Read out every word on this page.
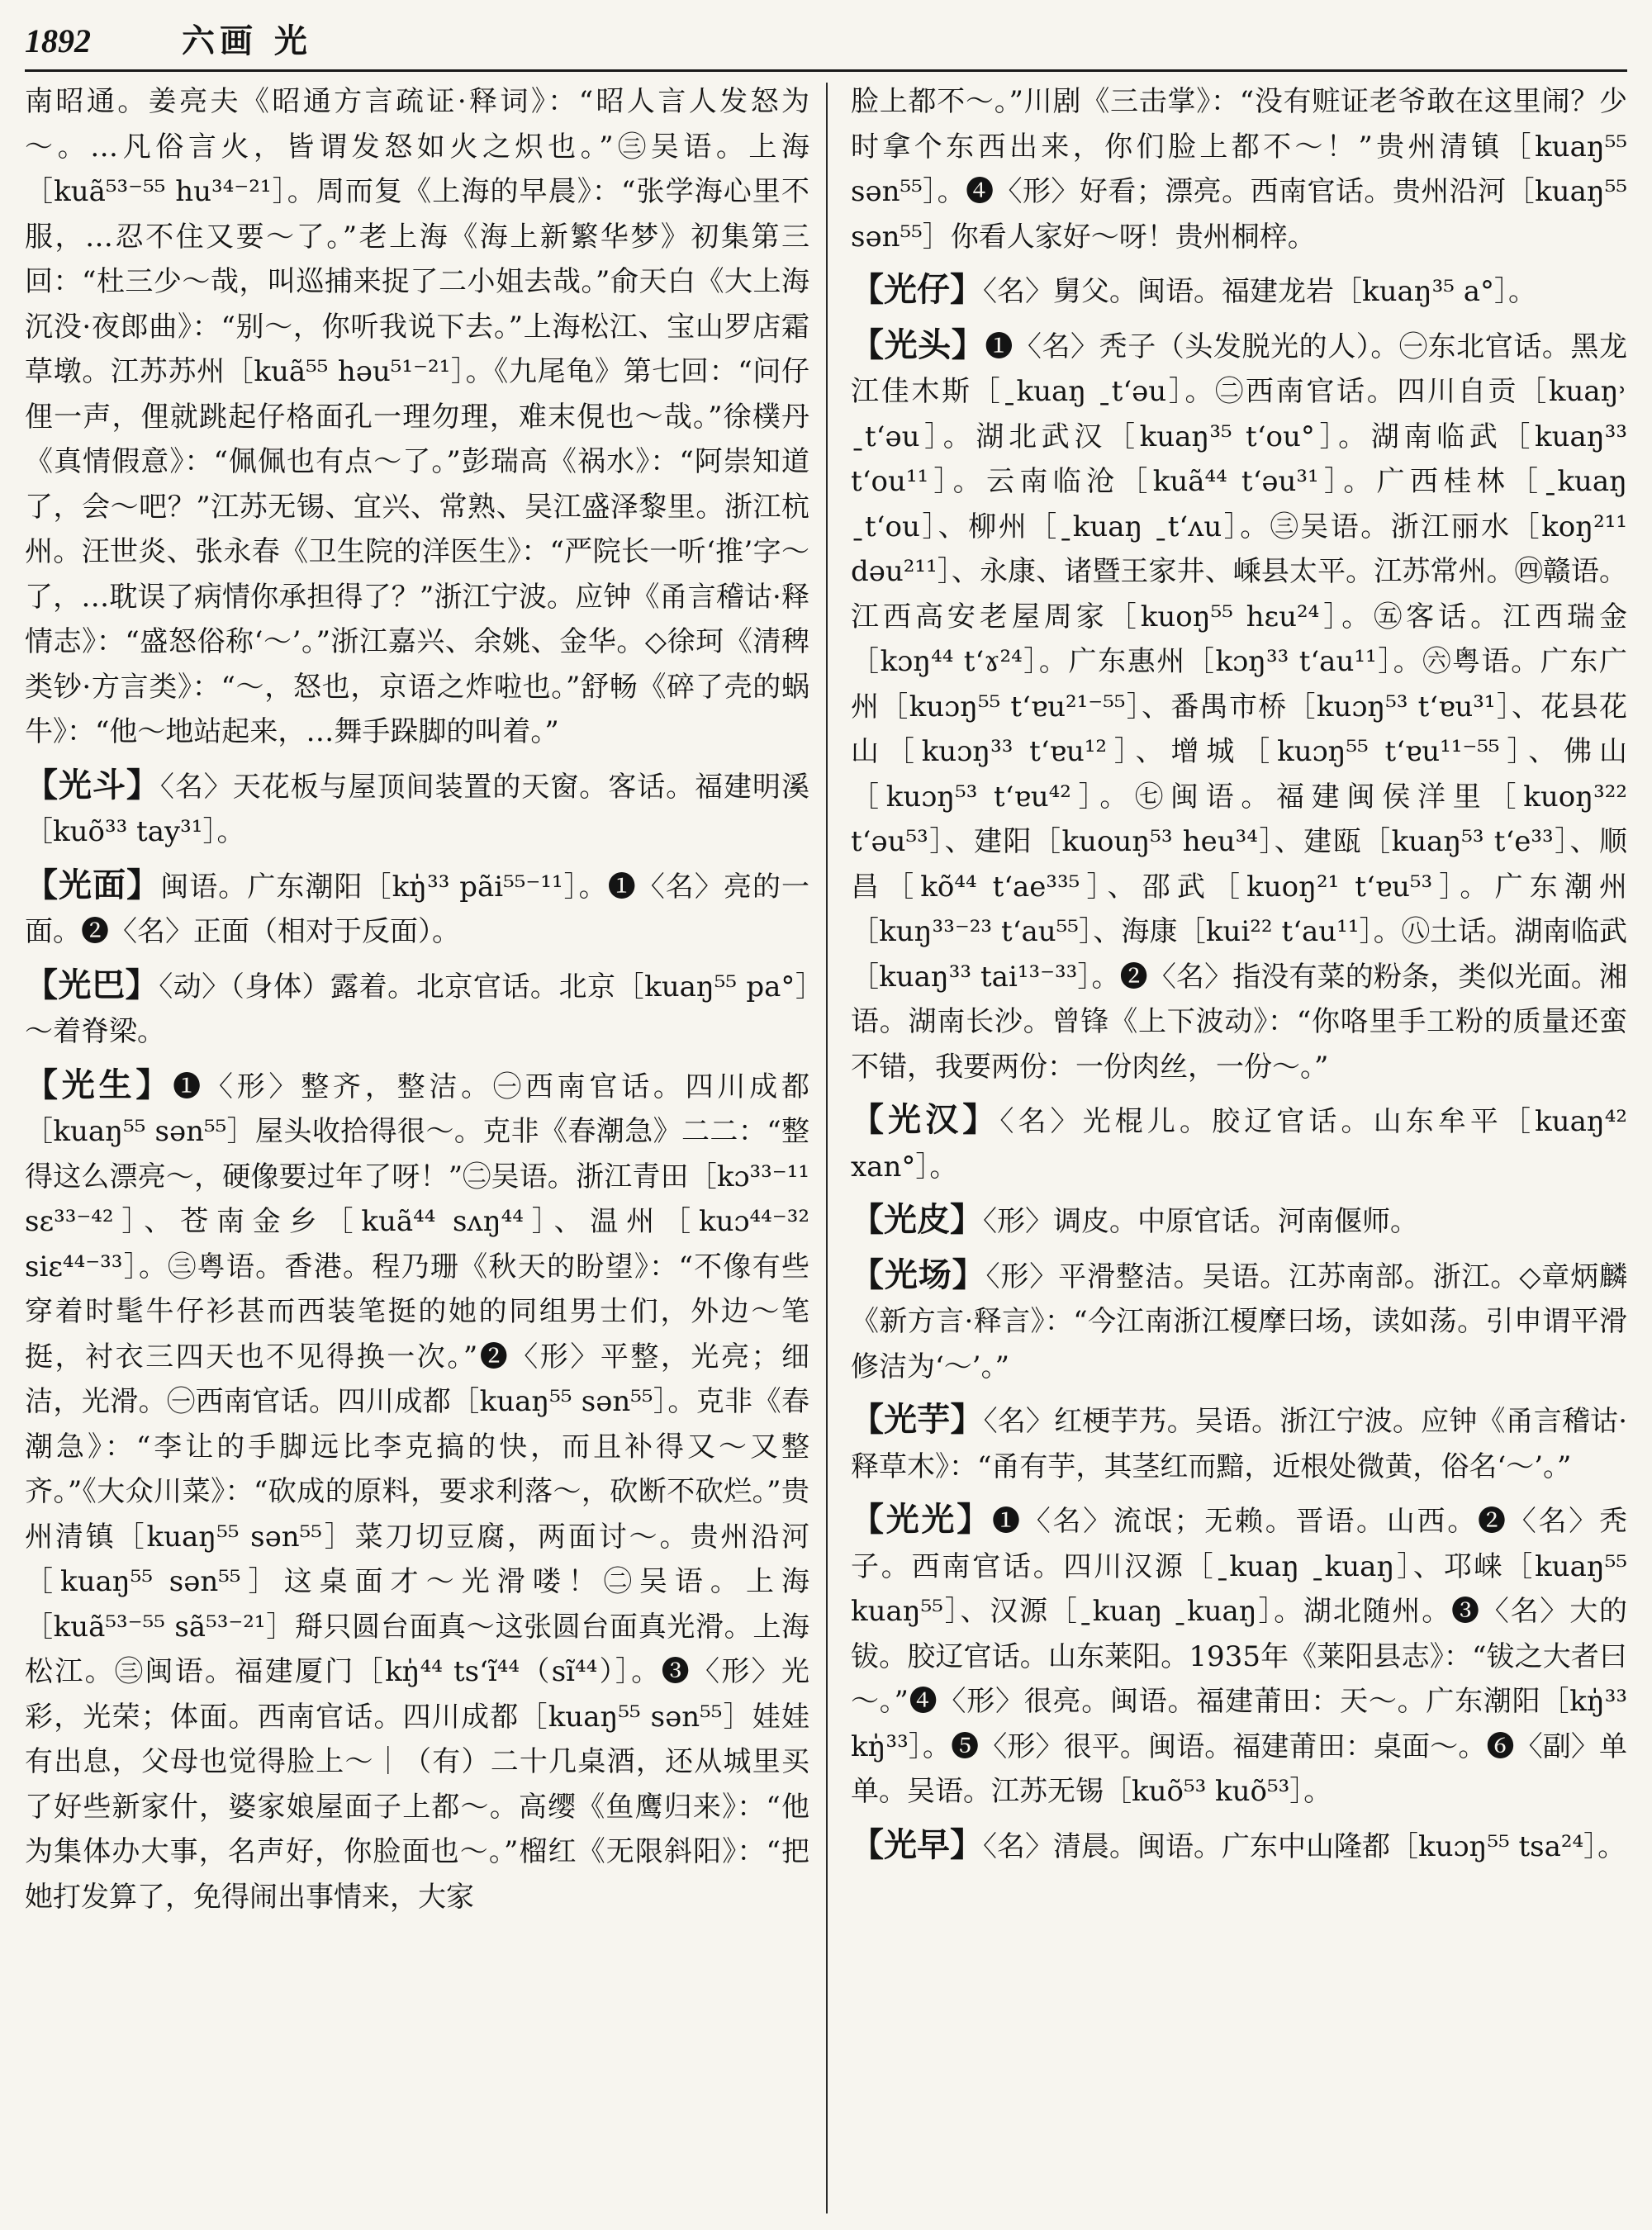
1892	六画 光

南昭通。姜亮夫《昭通方言疏证·释词》：“昭人言人发怒为～。…凡俗言火，皆谓发怒如火之炽也。”㊂吴语。上海［kuã⁵³⁻⁵⁵ hu³⁴⁻²¹］。周而复《上海的早晨》：“张学海心里不服，…忍不住又要～了。”老上海《海上新繁华梦》初集第三回：“杜三少～哉，叫巡捕来捉了二小姐去哉。”俞天白《大上海沉没·夜郎曲》：“别～，你听我说下去。”上海松江、宝山罗店霜草墩。江苏苏州［kuã⁵⁵ həu⁵¹⁻²¹］。《九尾龟》第七回：“问仔俚一声，俚就跳起仔格面孔一理勿理，难末俔也～哉。”徐樸丹《真情假意》：“佩佩也有点～了。”彭瑞高《祸水》：“阿崇知道了，会～吧？”江苏无锡、宜兴、常熟、吴江盛泽黎里。浙江杭州。汪世炎、张永春《卫生院的洋医生》：“严院长一听‘推’字～了，…耽误了病情你承担得了？”浙江宁波。应钟《甬言稽诂·释情志》：“盛怒俗称‘～’。”浙江嘉兴、余姚、金华。◇徐珂《清稗类钞·方言类》：“～，怒也，京语之炸啦也。”舒畅《碎了壳的蜗牛》：“他～地站起来，…舞手跺脚的叫着。”

【光斗】〈名〉天花板与屋顶间装置的天窗。客话。福建明溪［kuõ³³ tay³¹］。

【光面】闽语。广东潮阳［kŋ̍³³ pãi⁵⁵⁻¹¹］。❶〈名〉亮的一面。❷〈名〉正面（相对于反面）。

【光巴】〈动〉（身体）露着。北京官话。北京［kuaŋ⁵⁵ pa°］～着脊梁。

【光生】❶〈形〉整齐，整洁。㊀西南官话。四川成都［kuaŋ⁵⁵ sən⁵⁵］屋头收拾得很～。克非《春潮急》二二：“整得这么漂亮～，硬像要过年了呀！”㊁吴语。浙江青田［kɔ³³⁻¹¹ sɛ³³⁻⁴²］、苍南金乡［kuã⁴⁴ sʌŋ⁴⁴］、温州［kuɔ⁴⁴⁻³² siɛ⁴⁴⁻³³］。㊂粤语。香港。程乃珊《秋天的盼望》：“不像有些穿着时髦牛仔衫甚而西装笔挺的她的同组男士们，外边～笔挺，衬衣三四天也不见得换一次。”❷〈形〉平整，光亮；细洁，光滑。㊀西南官话。四川成都［kuaŋ⁵⁵ sən⁵⁵］。克非《春潮急》：“李让的手脚远比李克搞的快，而且补得又～又整齐。”《大众川菜》：“砍成的原料，要求利落～，砍断不砍烂。”贵州清镇［kuaŋ⁵⁵ sən⁵⁵］菜刀切豆腐，两面讨～。贵州沿河［kuaŋ⁵⁵ sən⁵⁵］这桌面才～光滑喽！㊁吴语。上海［kuã⁵³⁻⁵⁵ sã⁵³⁻²¹］搿只圆台面真～这张圆台面真光滑。上海松江。㊂闽语。福建厦门［kŋ̍⁴⁴ tsʻĩ⁴⁴（sĩ⁴⁴）］。❸〈形〉光彩，光荣；体面。西南官话。四川成都［kuaŋ⁵⁵ sən⁵⁵］娃娃有出息，父母也觉得脸上～｜（有）二十几桌酒，还从城里买了好些新家什，婆家娘屋面子上都～。高缨《鱼鹰归来》：“他为集体办大事，名声好，你脸面也～。”榴红《无限斜阳》：“把她打发算了，免得闹出事情来，大家

脸上都不～。”川剧《三击掌》：“没有赃证老爷敢在这里闹？少时拿个东西出来，你们脸上都不～！”贵州清镇［kuaŋ⁵⁵ sən⁵⁵］。❹〈形〉好看；漂亮。西南官话。贵州沿河［kuaŋ⁵⁵ sən⁵⁵］你看人家好～呀！贵州桐梓。

【光仔】〈名〉舅父。闽语。福建龙岩［kuaŋ³⁵ a°］。

【光头】❶〈名〉秃子（头发脱光的人）。㊀东北官话。黑龙江佳木斯［ˍkuaŋ ˍtʻəu］。㊁西南官话。四川自贡［kuaŋ˒ ˍtʻəu］。湖北武汉［kuaŋ³⁵ tʻou°］。湖南临武［kuaŋ³³ tʻou¹¹］。云南临沧［kuã⁴⁴ tʻəu³¹］。广西桂林［ˍkuaŋ ˍtʻou］、柳州［ˍkuaŋ ˍtʻʌu］。㊂吴语。浙江丽水［koŋ²¹¹ dəu²¹¹］、永康、诸暨王家井、嵊县太平。江苏常州。㊃赣语。江西高安老屋周家［kuoŋ⁵⁵ hɛu²⁴］。㊄客话。江西瑞金［kɔŋ⁴⁴ tʻɤ²⁴］。广东惠州［kɔŋ³³ tʻau¹¹］。㊅粤语。广东广州［kuɔŋ⁵⁵ tʻɐu²¹⁻⁵⁵］、番禺市桥［kuɔŋ⁵³ tʻɐu³¹］、花县花山［kuɔŋ³³ tʻɐu¹²］、增城［kuɔŋ⁵⁵ tʻɐu¹¹⁻⁵⁵］、佛山［kuɔŋ⁵³ tʻɐu⁴²］。㊆闽语。福建闽侯洋里［kuoŋ³²² tʻəu⁵³］、建阳［kuouŋ⁵³ heu³⁴］、建瓯［kuaŋ⁵³ tʻe³³］、顺昌［kõ⁴⁴ tʻae³³⁵］、邵武［kuoŋ²¹ tʻɐu⁵³］。广东潮州［kuŋ³³⁻²³ tʻau⁵⁵］、海康［kui²² tʻau¹¹］。㊇土话。湖南临武［kuaŋ³³ tai¹³⁻³³］。❷〈名〉指没有菜的粉条，类似光面。湘语。湖南长沙。曾锋《上下波动》：“你咯里手工粉的质量还蛮不错，我要两份：一份肉丝，一份～。”

【光汉】〈名〉光棍儿。胶辽官话。山东牟平［kuaŋ⁴² xan°］。

【光皮】〈形〉调皮。中原官话。河南偃师。

【光场】〈形〉平滑整洁。吴语。江苏南部。浙江。◇章炳麟《新方言·释言》：“今江南浙江榎摩曰场，读如荡。引申谓平滑修洁为‘～’。”

【光芋】〈名〉红梗芋艿。吴语。浙江宁波。应钟《甬言稽诂·释草木》：“甬有芋，其茎红而黯，近根处微黄，俗名‘～’。”

【光光】❶〈名〉流氓；无赖。晋语。山西。❷〈名〉秃子。西南官话。四川汉源［ˍkuaŋ ˍkuaŋ］、邛崃［kuaŋ⁵⁵ kuaŋ⁵⁵］、汉源［ˍkuaŋ ˍkuaŋ］。湖北随州。❸〈名〉大的钹。胶辽官话。山东莱阳。1935年《莱阳县志》：“钹之大者曰～。”❹〈形〉很亮。闽语。福建莆田：天～。广东潮阳［kŋ̍³³ kŋ̍³³］。❺〈形〉很平。闽语。福建莆田：桌面～。❻〈副〉单单。吴语。江苏无锡［kuõ⁵³ kuõ⁵³］。

【光早】〈名〉清晨。闽语。广东中山隆都［kuɔŋ⁵⁵ tsa²⁴］。
